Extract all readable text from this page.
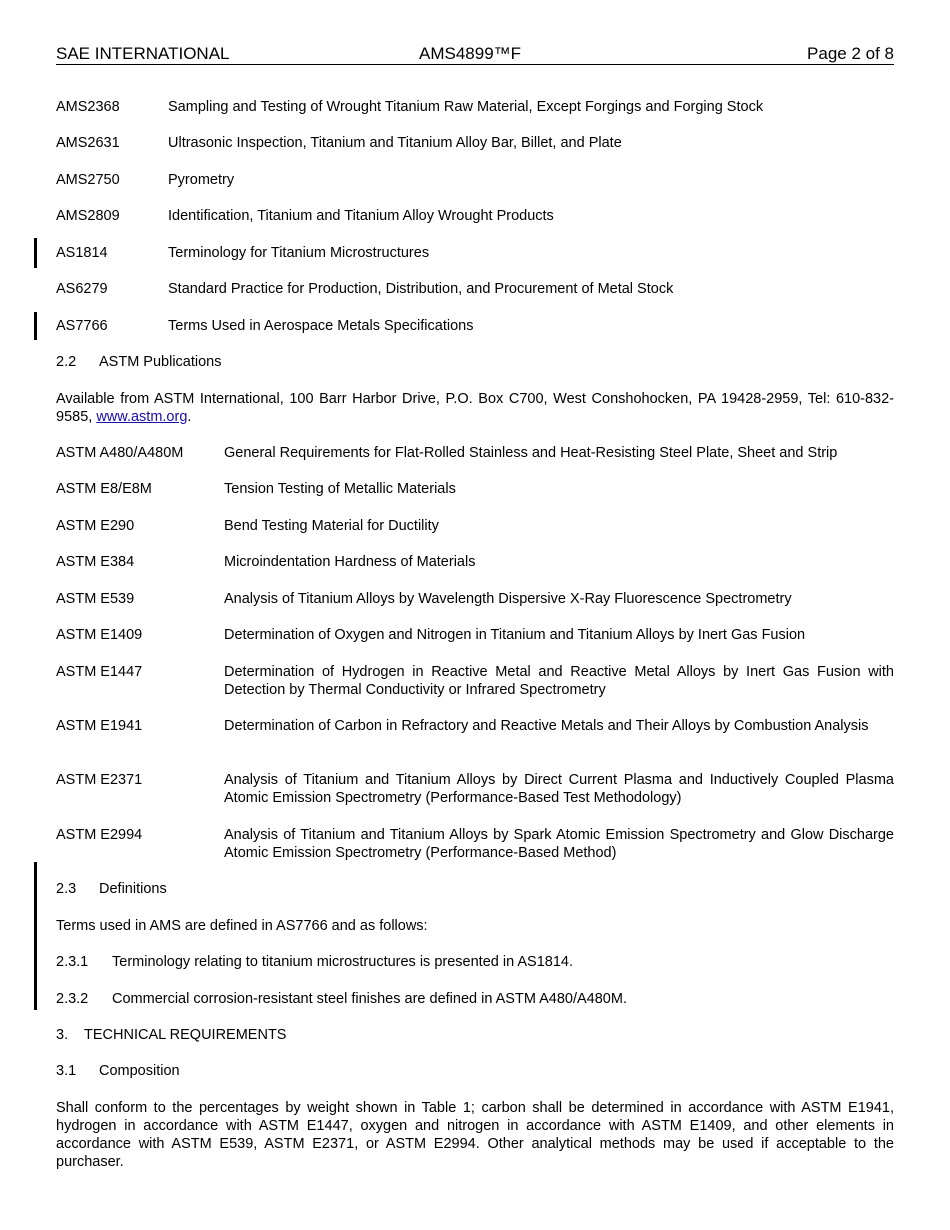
SAE INTERNATIONAL	AMS4899™F	Page 2 of 8
AMS2368	Sampling and Testing of Wrought Titanium Raw Material, Except Forgings and Forging Stock
AMS2631	Ultrasonic Inspection, Titanium and Titanium Alloy Bar, Billet, and Plate
AMS2750	Pyrometry
AMS2809	Identification, Titanium and Titanium Alloy Wrought Products
AS1814	Terminology for Titanium Microstructures
AS6279	Standard Practice for Production, Distribution, and Procurement of Metal Stock
AS7766	Terms Used in Aerospace Metals Specifications
2.2 ASTM Publications
Available from ASTM International, 100 Barr Harbor Drive, P.O. Box C700, West Conshohocken, PA 19428-2959, Tel: 610-832-9585, www.astm.org.
ASTM A480/A480M	General Requirements for Flat-Rolled Stainless and Heat-Resisting Steel Plate, Sheet and Strip
ASTM E8/E8M	Tension Testing of Metallic Materials
ASTM E290	Bend Testing Material for Ductility
ASTM E384	Microindentation Hardness of Materials
ASTM E539	Analysis of Titanium Alloys by Wavelength Dispersive X-Ray Fluorescence Spectrometry
ASTM E1409	Determination of Oxygen and Nitrogen in Titanium and Titanium Alloys by Inert Gas Fusion
ASTM E1447	Determination of Hydrogen in Reactive Metal and Reactive Metal Alloys by Inert Gas Fusion with Detection by Thermal Conductivity or Infrared Spectrometry
ASTM E1941	Determination of Carbon in Refractory and Reactive Metals and Their Alloys by Combustion Analysis
ASTM E2371	Analysis of Titanium and Titanium Alloys by Direct Current Plasma and Inductively Coupled Plasma Atomic Emission Spectrometry (Performance-Based Test Methodology)
ASTM E2994	Analysis of Titanium and Titanium Alloys by Spark Atomic Emission Spectrometry and Glow Discharge Atomic Emission Spectrometry (Performance-Based Method)
2.3 Definitions
Terms used in AMS are defined in AS7766 and as follows:
2.3.1 Terminology relating to titanium microstructures is presented in AS1814.
2.3.2 Commercial corrosion-resistant steel finishes are defined in ASTM A480/A480M.
3. TECHNICAL REQUIREMENTS
3.1 Composition
Shall conform to the percentages by weight shown in Table 1; carbon shall be determined in accordance with ASTM E1941, hydrogen in accordance with ASTM E1447, oxygen and nitrogen in accordance with ASTM E1409, and other elements in accordance with ASTM E539, ASTM E2371, or ASTM E2994. Other analytical methods may be used if acceptable to the purchaser.
